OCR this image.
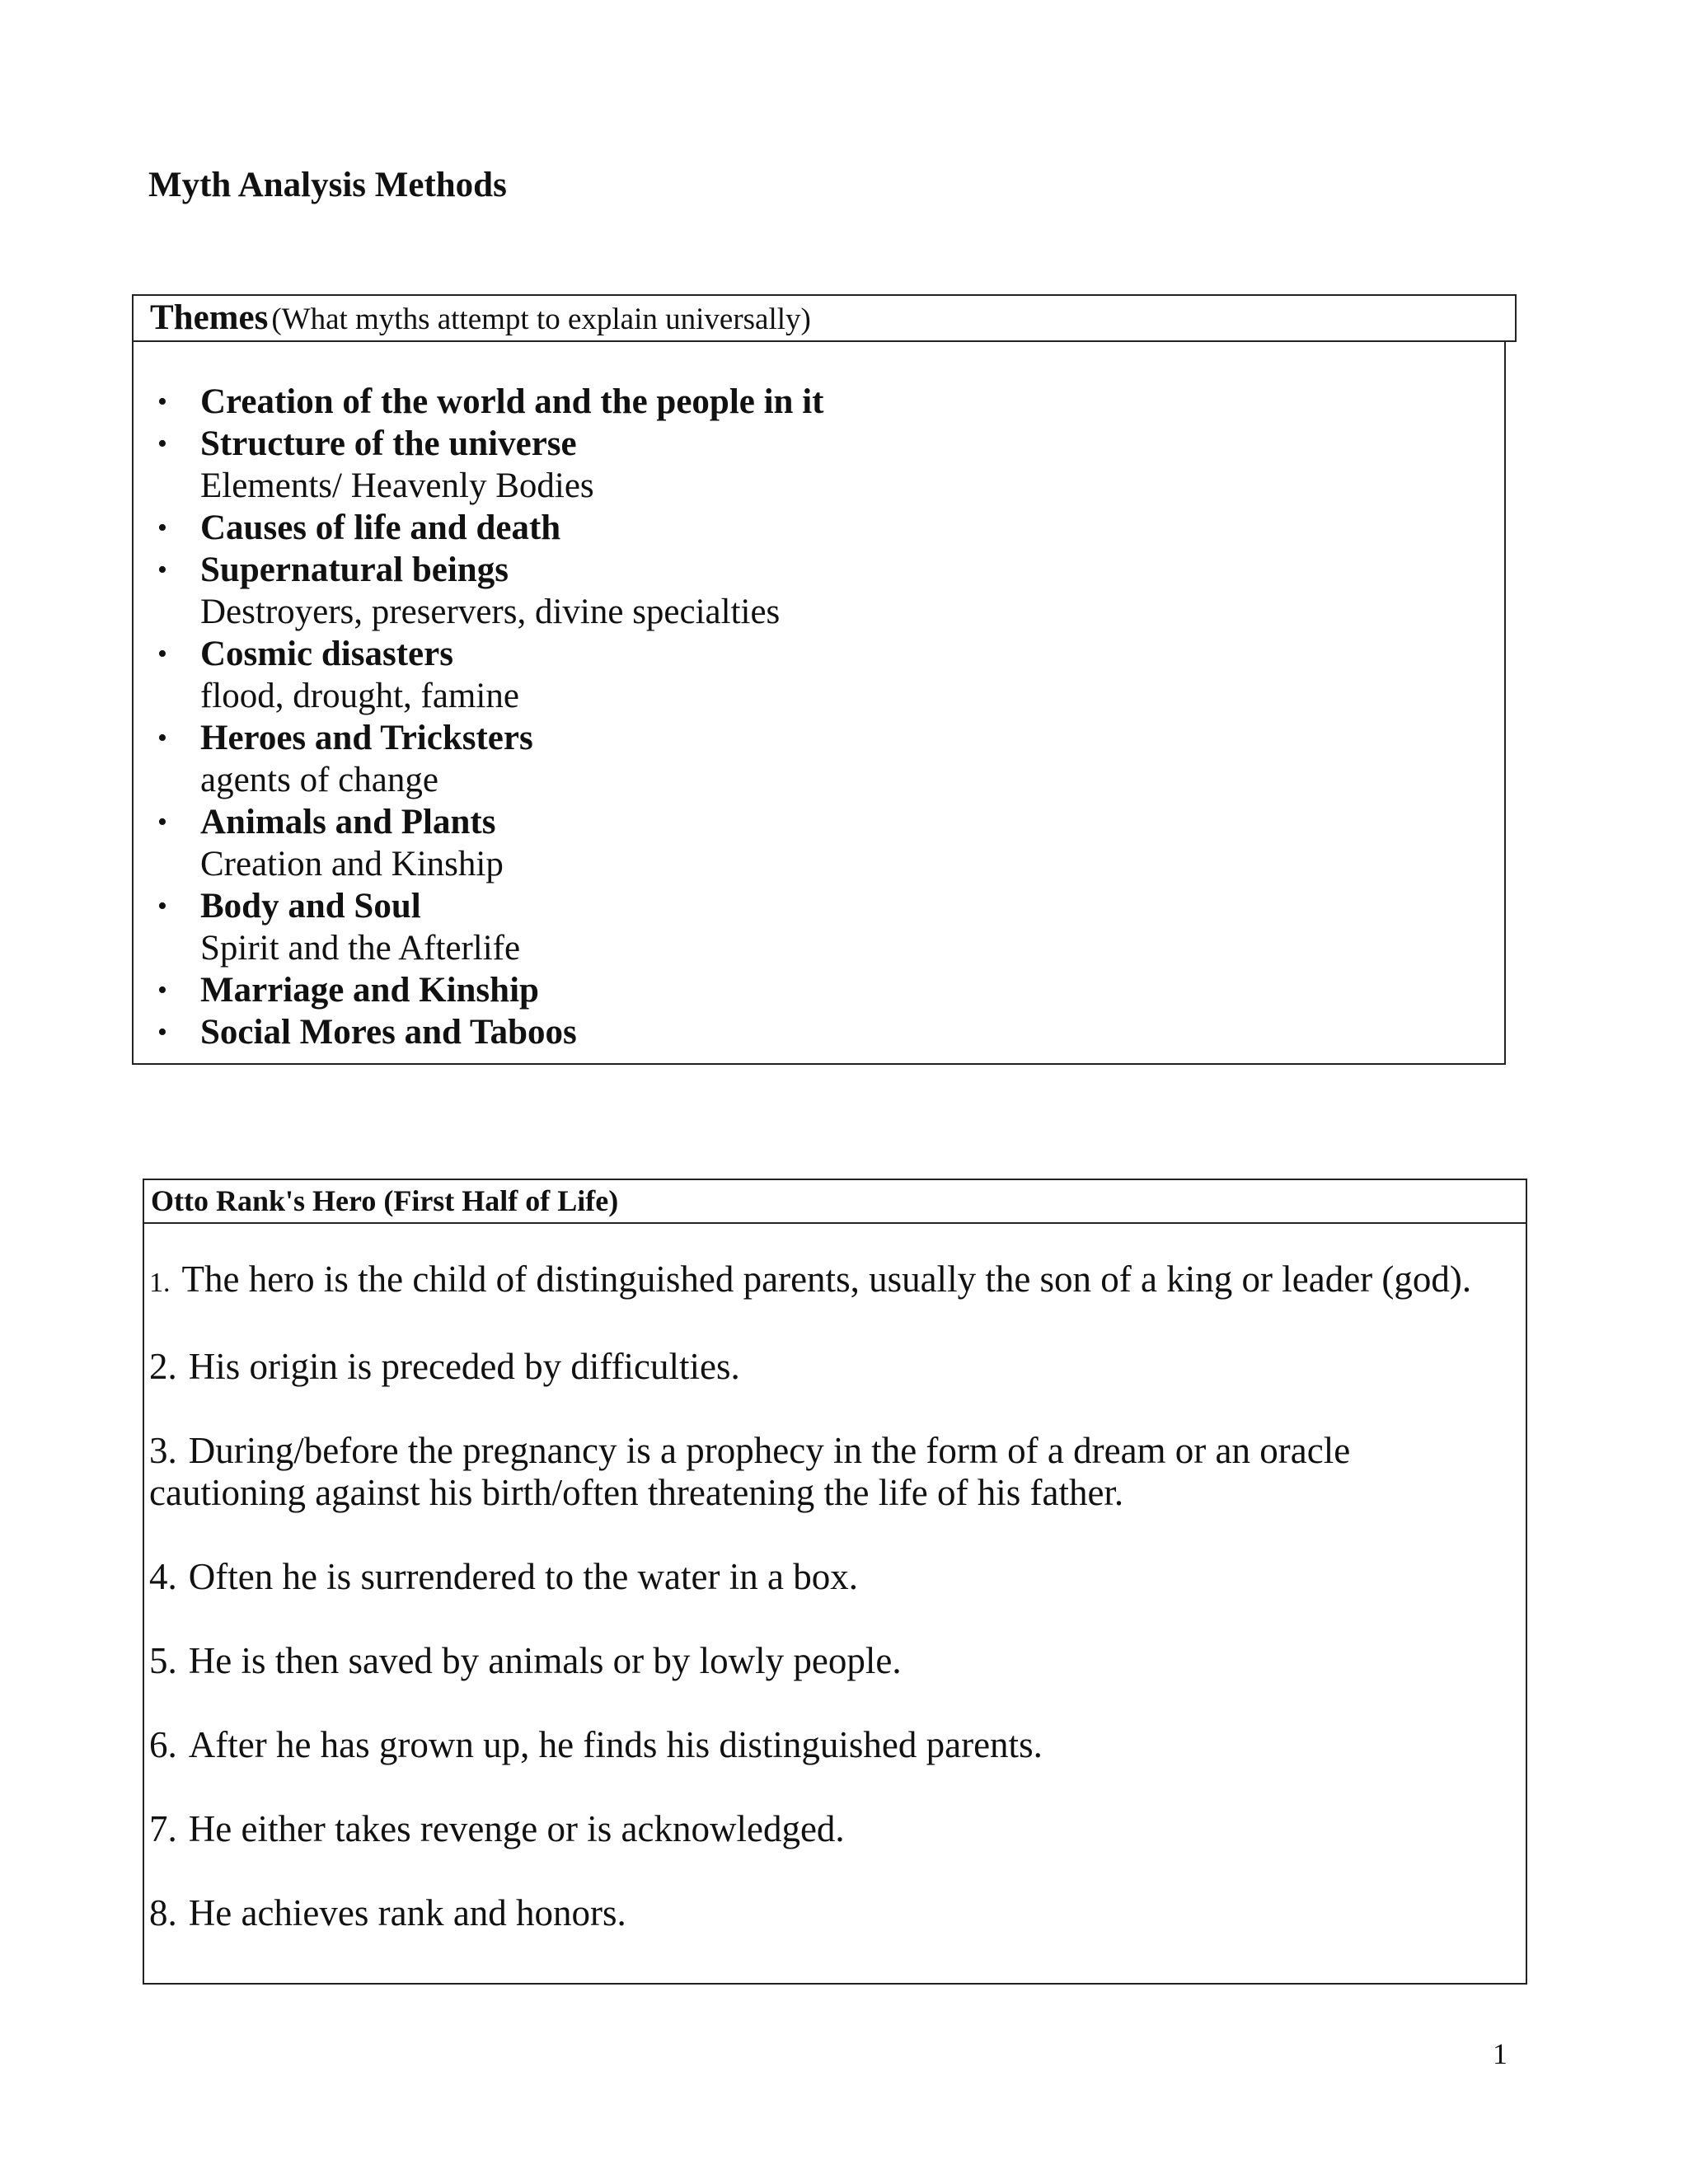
Myth Analysis Methods
Themes (What myths attempt to explain universally)
• Creation of the world and the people in it
• Structure of the universe
Elements/ Heavenly Bodies
• Causes of life and death
• Supernatural beings
Destroyers, preservers, divine specialties
• Cosmic disasters
flood, drought, famine
• Heroes and Tricksters
agents of change
• Animals and Plants
Creation and Kinship
• Body and Soul
Spirit and the Afterlife
• Marriage and Kinship
• Social Mores and Taboos
Otto Rank's Hero (First Half of Life)

1. The hero is the child of distinguished parents, usually the son of a king or leader (god).

2. His origin is preceded by difficulties.

3. During/before the pregnancy is a prophecy in the form of a dream or an oracle cautioning against his birth/often threatening the life of his father.

4. Often he is surrendered to the water in a box.

5. He is then saved by animals or by lowly people.

6. After he has grown up, he finds his distinguished parents.

7. He either takes revenge or is acknowledged.

8. He achieves rank and honors.

1
